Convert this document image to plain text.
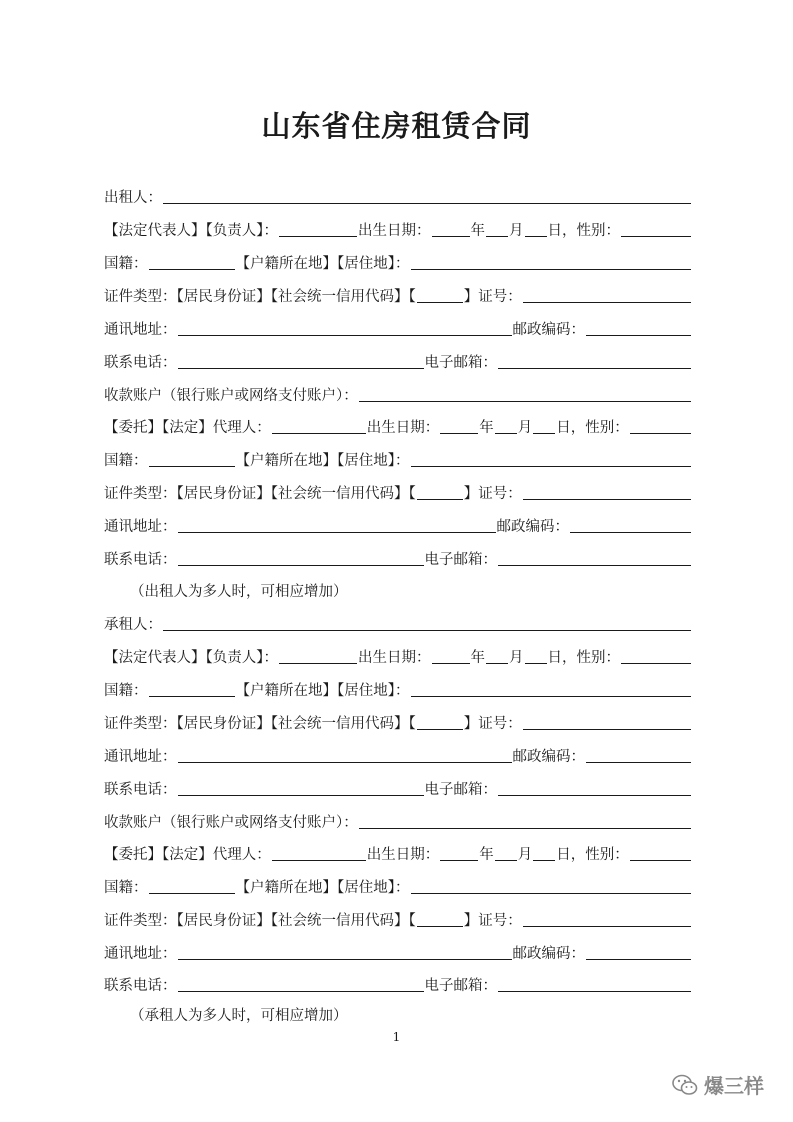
山东省住房租赁合同
出租人：
【法定代表人】【负责人】：	出生日期：	年 月 日，性别：
国籍：	【户籍所在地】【居住地】：
证件类型：【居民身份证】【社会统一信用代码】【	】证号：
通讯地址：	邮政编码：
联系电话：	电子邮箱：
收款账户（银行账户或网络支付账户）：
【委托】【法定】代理人：	出生日期：	年 月 日，性别：
国籍：	【户籍所在地】【居住地】：
证件类型：【居民身份证】【社会统一信用代码】【	】证号：
通讯地址：	邮政编码：
联系电话：	电子邮箱：
（出租人为多人时，可相应增加）
承租人：
【法定代表人】【负责人】：	出生日期：	年 月 日，性别：
国籍：	【户籍所在地】【居住地】：
证件类型：【居民身份证】【社会统一信用代码】【	】证号：
通讯地址：	邮政编码：
联系电话：	电子邮箱：
收款账户（银行账户或网络支付账户）：
【委托】【法定】代理人：	出生日期：	年 月 日，性别：
国籍：	【户籍所在地】【居住地】：
证件类型：【居民身份证】【社会统一信用代码】【	】证号：
通讯地址：	邮政编码：
联系电话：	电子邮箱：
（承租人为多人时，可相应增加）
1
爆三样
